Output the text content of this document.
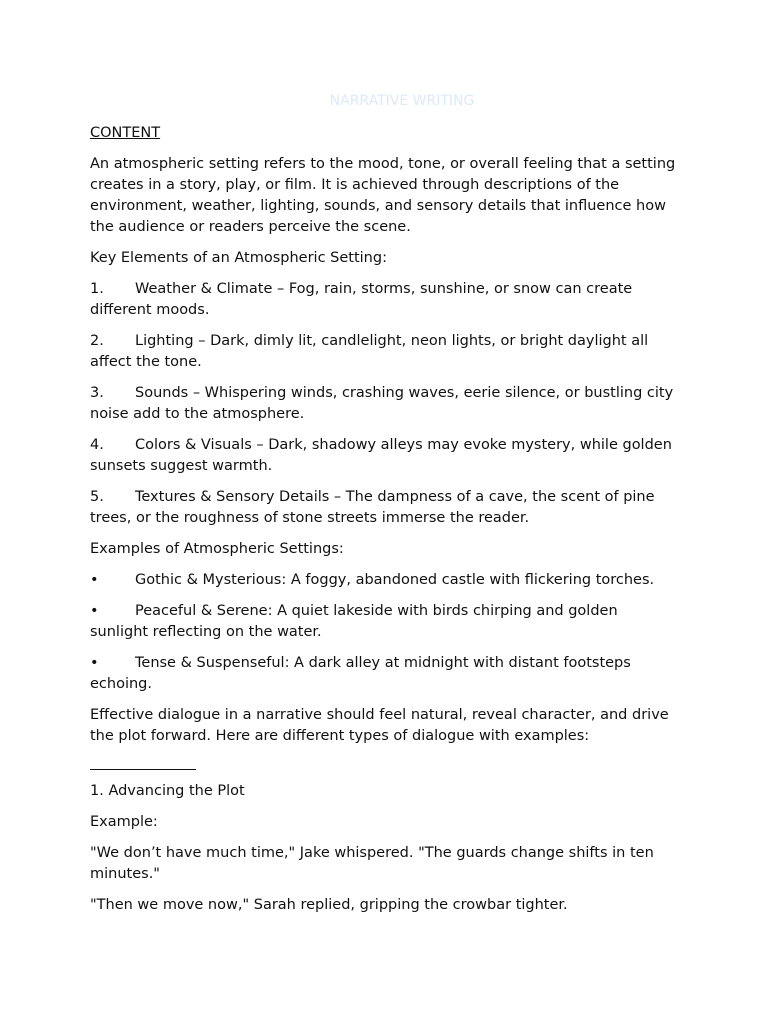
NARRATIVE WRITING

CONTENT

An atmospheric setting refers to the mood, tone, or overall feeling that a setting creates in a story, play, or film. It is achieved through descriptions of the environment, weather, lighting, sounds, and sensory details that influence how the audience or readers perceive the scene.

Key Elements of an Atmospheric Setting:

1. Weather & Climate – Fog, rain, storms, sunshine, or snow can create different moods.

2. Lighting – Dark, dimly lit, candlelight, neon lights, or bright daylight all affect the tone.

3. Sounds – Whispering winds, crashing waves, eerie silence, or bustling city noise add to the atmosphere.

4. Colors & Visuals – Dark, shadowy alleys may evoke mystery, while golden sunsets suggest warmth.

5. Textures & Sensory Details – The dampness of a cave, the scent of pine trees, or the roughness of stone streets immerse the reader.

Examples of Atmospheric Settings:

•	Gothic & Mysterious: A foggy, abandoned castle with flickering torches.

•	Peaceful & Serene: A quiet lakeside with birds chirping and golden sunlight reflecting on the water.

•	Tense & Suspenseful: A dark alley at midnight with distant footsteps echoing.

Effective dialogue in a narrative should feel natural, reveal character, and drive the plot forward. Here are different types of dialogue with examples:

1. Advancing the Plot

Example:

"We don’t have much time," Jake whispered. "The guards change shifts in ten minutes."

"Then we move now," Sarah replied, gripping the crowbar tighter.
